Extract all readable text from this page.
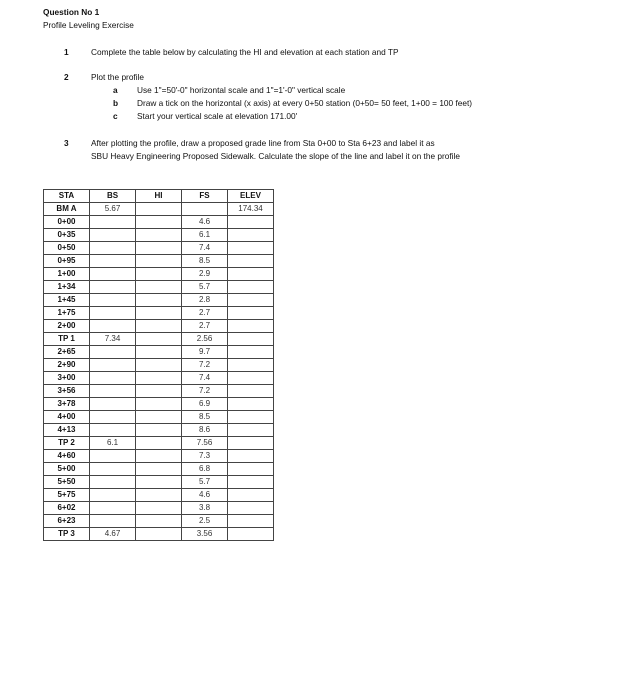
Question No 1
Profile Leveling Exercise
1	Complete the table below by calculating the HI and elevation at each station and TP
2	Plot the profile
a Use 1"=50'-0" horizontal scale and 1"=1'-0" vertical scale
b Draw a tick on the horizontal (x axis) at every 0+50 station (0+50= 50 feet, 1+00 = 100 feet)
c Start your vertical scale at elevation 171.00'
3	After plotting the profile, draw a proposed grade line from Sta 0+00 to Sta 6+23 and label it as
SBU Heavy Engineering Proposed Sidewalk. Calculate the slope of the line and label it on the profile
STA	BS	HI	FS	ELEV
BM A	5.67			174.34
0+00			4.6	
0+35			6.1	
0+50			7.4	
0+95			8.5	
1+00			2.9	
1+34			5.7	
1+45			2.8	
1+75			2.7	
2+00			2.7	
TP 1	7.34		2.56	
2+65			9.7	
2+90			7.2	
3+00			7.4	
3+56			7.2	
3+78			6.9	
4+00			8.5	
4+13			8.6	
TP 2	6.1		7.56	
4+60			7.3	
5+00			6.8	
5+50			5.7	
5+75			4.6	
6+02			3.8	
6+23			2.5	
TP 3	4.67		3.56	
